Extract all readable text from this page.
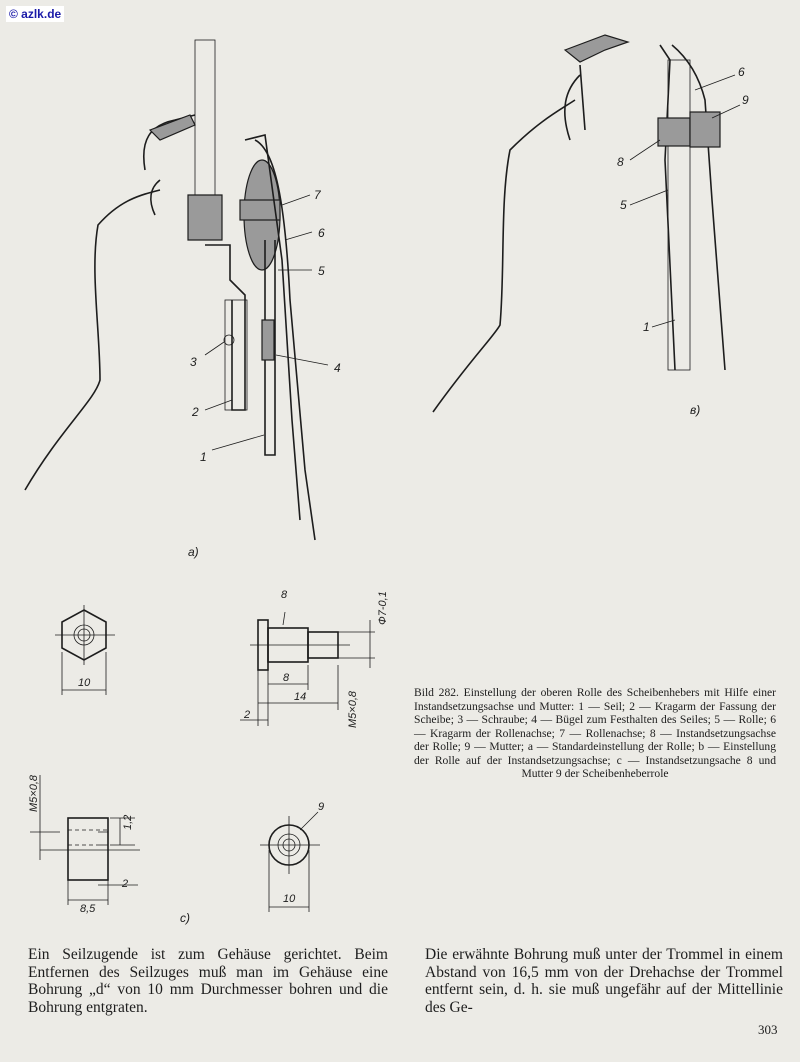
© azlk.de
7
6
5
3	4
2
1
a)
6
9
8
5
1
в)
10
8	Ф7-0,1
8
14
2	M5×0,8
M5×0,8
1,2
2
8,5
c)
9
10
Bild 282. Einstellung der oberen Rolle des Scheibenhebers mit Hilfe einer Instandsetzungsachse und Mutter: 1 — Seil; 2 — Kragarm der Fassung der Scheibe; 3 — Schraube; 4 — Bügel zum Festhalten des Seiles; 5 — Rolle; 6 — Kragarm der Rollenachse; 7 — Rollenachse; 8 — Instandsetzungsachse der Rolle; 9 — Mutter; a — Standardeinstellung der Rolle; b — Einstellung der Rolle auf der Instandsetzungsachse; c — Instandsetzungsache 8 und Mutter 9 der Scheibenheberrole
Ein Seilzugende ist zum Gehäuse gerichtet. Beim Entfernen des Seilzuges muß man im Gehäuse eine Bohrung „d“ von 10 mm Durchmesser bohren und die Bohrung entgraten.
Die erwähnte Bohrung muß unter der Trommel in einem Abstand von 16,5 mm von der Drehachse der Trommel entfernt sein, d. h. sie muß ungefähr auf der Mittellinie des Ge-
303
